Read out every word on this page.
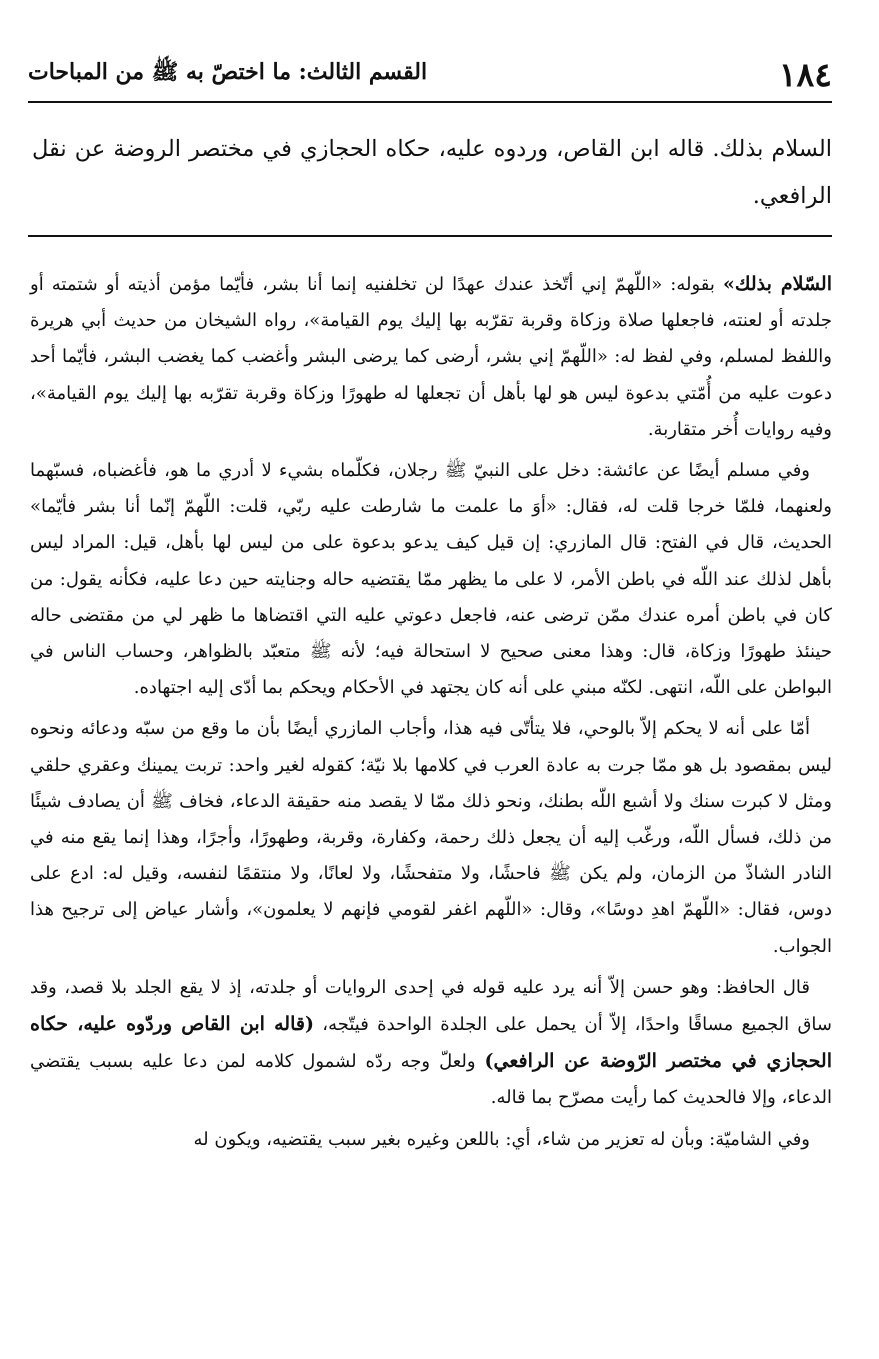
١٨٤
القسم الثالث: ما اختصّ به ﷺ من المباحات

السلام بذلك. قاله ابن القاص، وردوه عليه، حكاه الحجازي في مختصر الروضة عن نقل الرافعي.

السّلام بذلك» بقوله: «اللّهمّ إني أتّخذ عندك عهدًا لن تخلفنيه إنما أنا بشر، فأيّما مؤمن أذيته أو شتمته أو جلدته أو لعنته، فاجعلها صلاة وزكاة وقربة تقرّبه بها إليك يوم القيامة»، رواه الشيخان من حديث أبي هريرة واللفظ لمسلم، وفي لفظ له: «اللّهمّ إني بشر، أرضى كما يرضى البشر وأغضب كما يغضب البشر، فأيّما أحد دعوت عليه من أُمّتي بدعوة ليس هو لها بأهل أن تجعلها له طهورًا وزكاة وقربة تقرّبه بها إليك يوم القيامة»، وفيه روايات أُخر متقاربة.

وفي مسلم أيضًا عن عائشة: دخل على النبيّ ﷺ رجلان، فكلّماه بشيء لا أدري ما هو، فأغضباه، فسبّهما ولعنهما، فلمّا خرجا قلت له، فقال: «أوَ ما علمت ما شارطت عليه ربّي، قلت: اللّهمّ إنّما أنا بشر فأيّما» الحديث، قال في الفتح: قال المازري: إن قيل كيف يدعو بدعوة على من ليس لها بأهل، قيل: المراد ليس بأهل لذلك عند اللّه في باطن الأمر، لا على ما يظهر ممّا يقتضيه حاله وجنايته حين دعا عليه، فكأنه يقول: من كان في باطن أمره عندك ممّن ترضى عنه، فاجعل دعوتي عليه التي اقتضاها ما ظهر لي من مقتضى حاله حينئذ طهورًا وزكاة، قال: وهذا معنى صحيح لا استحالة فيه؛ لأنه ﷺ متعبّد بالظواهر، وحساب الناس في البواطن على اللّه، انتهى. لكنّه مبني على أنه كان يجتهد في الأحكام ويحكم بما أدّى إليه اجتهاده.

أمّا على أنه لا يحكم إلاّ بالوحي، فلا يتأتّى فيه هذا، وأجاب المازري أيضًا بأن ما وقع من سبّه ودعائه ونحوه ليس بمقصود بل هو ممّا جرت به عادة العرب في كلامها بلا نيّة؛ كقوله لغير واحد: تربت يمينك وعقري حلقي ومثل لا كبرت سنك ولا أشبع اللّه بطنك، ونحو ذلك ممّا لا يقصد منه حقيقة الدعاء، فخاف ﷺ أن يصادف شيئًا من ذلك، فسأل اللّه، ورغّب إليه أن يجعل ذلك رحمة، وكفارة، وقربة، وطهورًا، وأجرًا، وهذا إنما يقع منه في النادر الشاذّ من الزمان، ولم يكن ﷺ فاحشًا، ولا متفحشًا، ولا لعانًا، ولا منتقمًا لنفسه، وقيل له: ادع على دوس، فقال: «اللّهمّ اهدِ دوسًا»، وقال: «اللّهم اغفر لقومي فإنهم لا يعلمون»، وأشار عياض إلى ترجيح هذا الجواب.

قال الحافظ: وهو حسن إلاّ أنه يرد عليه قوله في إحدى الروايات أو جلدته، إذ لا يقع الجلد بلا قصد، وقد ساق الجميع مساقًا واحدًا، إلاّ أن يحمل على الجلدة الواحدة فيتّجه، (قاله ابن القاص وردّوه عليه، حكاه الحجازي في مختصر الرّوضة عن الرافعي) ولعلّ وجه ردّه لشمول كلامه لمن دعا عليه بسبب يقتضي الدعاء، وإلا فالحديث كما رأيت مصرّح بما قاله.

وفي الشاميّة: وبأن له تعزير من شاء، أي: باللعن وغيره بغير سبب يقتضيه، ويكون له
